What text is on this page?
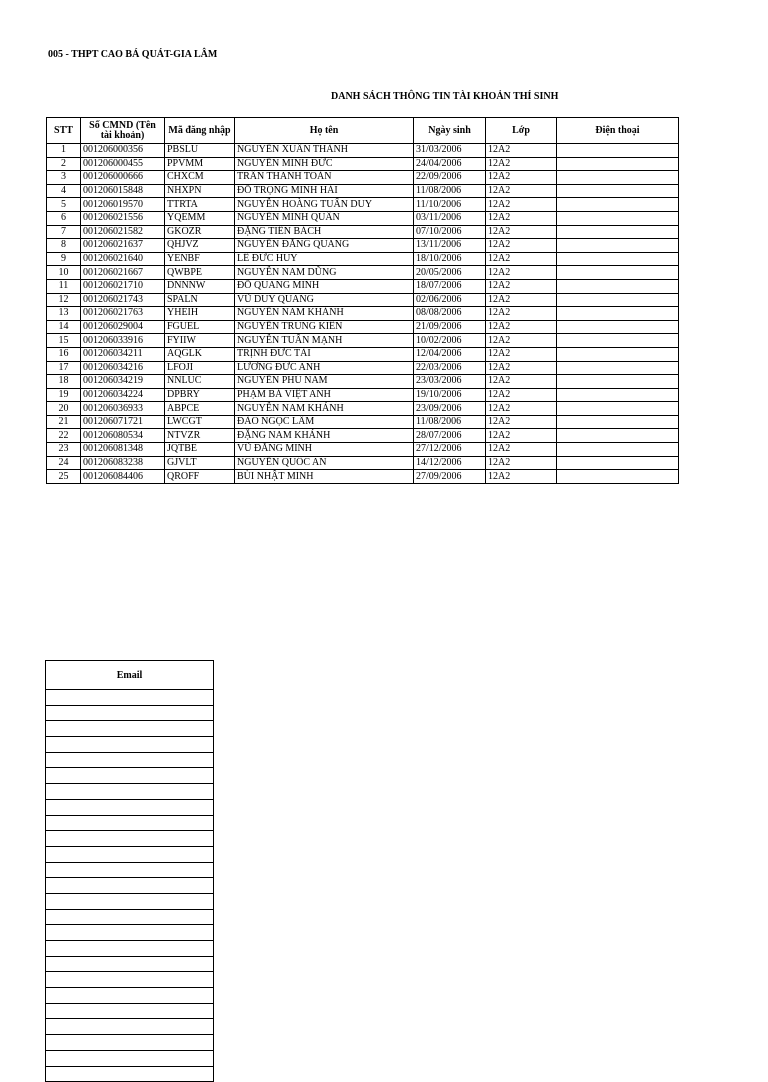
005 - THPT CAO BÁ QUÁT-GIA LÂM
DANH SÁCH THÔNG TIN TÀI KHOẢN THÍ SINH
STT	Số CMND (Tên tài khoản)	Mã đăng nhập	Họ tên	Ngày sinh	Lớp	Điện thoại
1	001206000356	PBSLU	NGUYỄN XUÂN THÀNH	31/03/2006	12A2	
2	001206000455	PPVMM	NGUYỄN MINH ĐỨC	24/04/2006	12A2	
3	001206000666	CHXCM	TRẦN THANH TOÀN	22/09/2006	12A2	
4	001206015848	NHXPN	ĐỖ TRỌNG MINH HẢI	11/08/2006	12A2	
5	001206019570	TTRTA	NGUYỄN HOÀNG TUẤN DUY	11/10/2006	12A2	
6	001206021556	YQEMM	NGUYỄN MINH QUÂN	03/11/2006	12A2	
7	001206021582	GKOZR	ĐẶNG TIẾN BÁCH	07/10/2006	12A2	
8	001206021637	QHJVZ	NGUYỄN ĐĂNG QUANG	13/11/2006	12A2	
9	001206021640	YENBF	LÊ ĐỨC HUY	18/10/2006	12A2	
10	001206021667	QWBPE	NGUYỄN NAM DŨNG	20/05/2006	12A2	
11	001206021710	DNNNW	ĐỖ QUANG MINH	18/07/2006	12A2	
12	001206021743	SPALN	VŨ DUY QUANG	02/06/2006	12A2	
13	001206021763	YHEIH	NGUYỄN NAM KHÁNH	08/08/2006	12A2	
14	001206029004	FGUEL	NGUYỄN TRUNG KIÊN	21/09/2006	12A2	
15	001206033916	FYIIW	NGUYỄN TUẤN MẠNH	10/02/2006	12A2	
16	001206034211	AQGLK	TRỊNH ĐỨC TÀI	12/04/2006	12A2	
17	001206034216	LFOJI	LƯƠNG ĐỨC ANH	22/03/2006	12A2	
18	001206034219	NNLUC	NGUYỄN PHÚ NAM	23/03/2006	12A2	
19	001206034224	DPBRY	PHẠM BÁ VIỆT ANH	19/10/2006	12A2	
20	001206036933	ABPCE	NGUYỄN NAM KHÁNH	23/09/2006	12A2	
21	001206071721	LWCGT	ĐÀO NGỌC LÂM	11/08/2006	12A2	
22	001206080534	NTVZR	ĐẶNG NAM KHÁNH	28/07/2006	12A2	
23	001206081348	JQTBE	VŨ ĐĂNG MINH	27/12/2006	12A2	
24	001206083238	GJVLT	NGUYỄN QUỐC AN	14/12/2006	12A2	
25	001206084406	QROFF	BÙI NHẬT MINH	27/09/2006	12A2	
Email
